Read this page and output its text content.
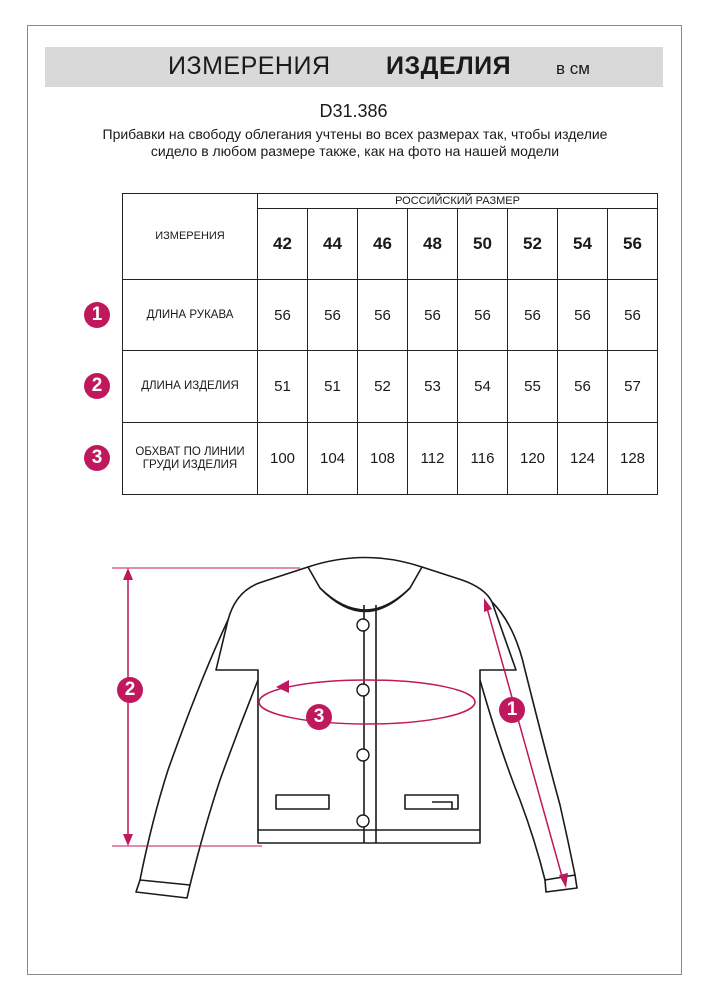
ИЗМЕРЕНИЯ ИЗДЕЛИЯ	в см
D31.386
Прибавки на свободу облегания учтены во всех размерах так, чтобы изделие сидело в любом размере также, как на фото на нашей модели
ИЗМЕРЕНИЯ	РОССИЙСКИЙ РАЗМЕР							
	42	44	46	48	50	52	54	56
ДЛИНА РУКАВА	56	56	56	56	56	56	56	56
ДЛИНА ИЗДЕЛИЯ	51	51	52	53	54	55	56	57
ОБХВАТ ПО ЛИНИИ ГРУДИ ИЗДЕЛИЯ	100	104	108	112	116	120	124	128
1
2
3
2
3	1
